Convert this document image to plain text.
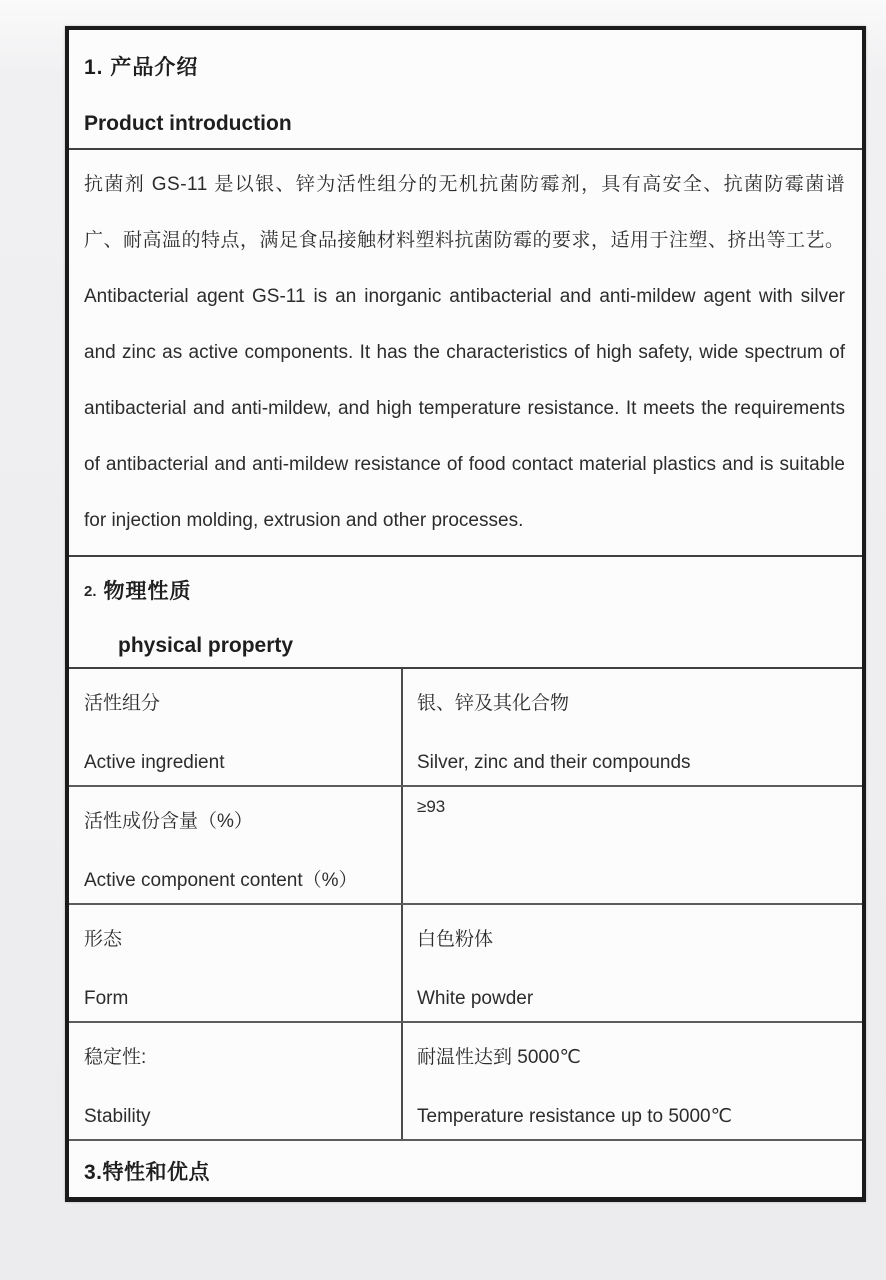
1. 产品介绍
Product introduction

抗菌剂 GS-11 是以银、锌为活性组分的无机抗菌防霉剂，具有高安全、抗菌防霉菌谱广、耐高温的特点，满足食品接触材料塑料抗菌防霉的要求，适用于注塑、挤出等工艺。

Antibacterial agent GS-11 is an inorganic antibacterial and anti-mildew agent with silver and zinc as active components. It has the characteristics of high safety, wide spectrum of antibacterial and anti-mildew, and high temperature resistance. It meets the requirements of antibacterial and anti-mildew resistance of food contact material plastics and is suitable for injection molding, extrusion and other processes.

2. 物理性质
physical property
活性组分
Active ingredient
银、锌及其化合物
Silver, zinc and their compounds
活性成份含量（%）
Active component content（%）
≥93
形态
Form
白色粉体
White powder
稳定性:
Stability
耐温性达到 5000℃
Temperature resistance up to 5000℃
3.特性和优点
